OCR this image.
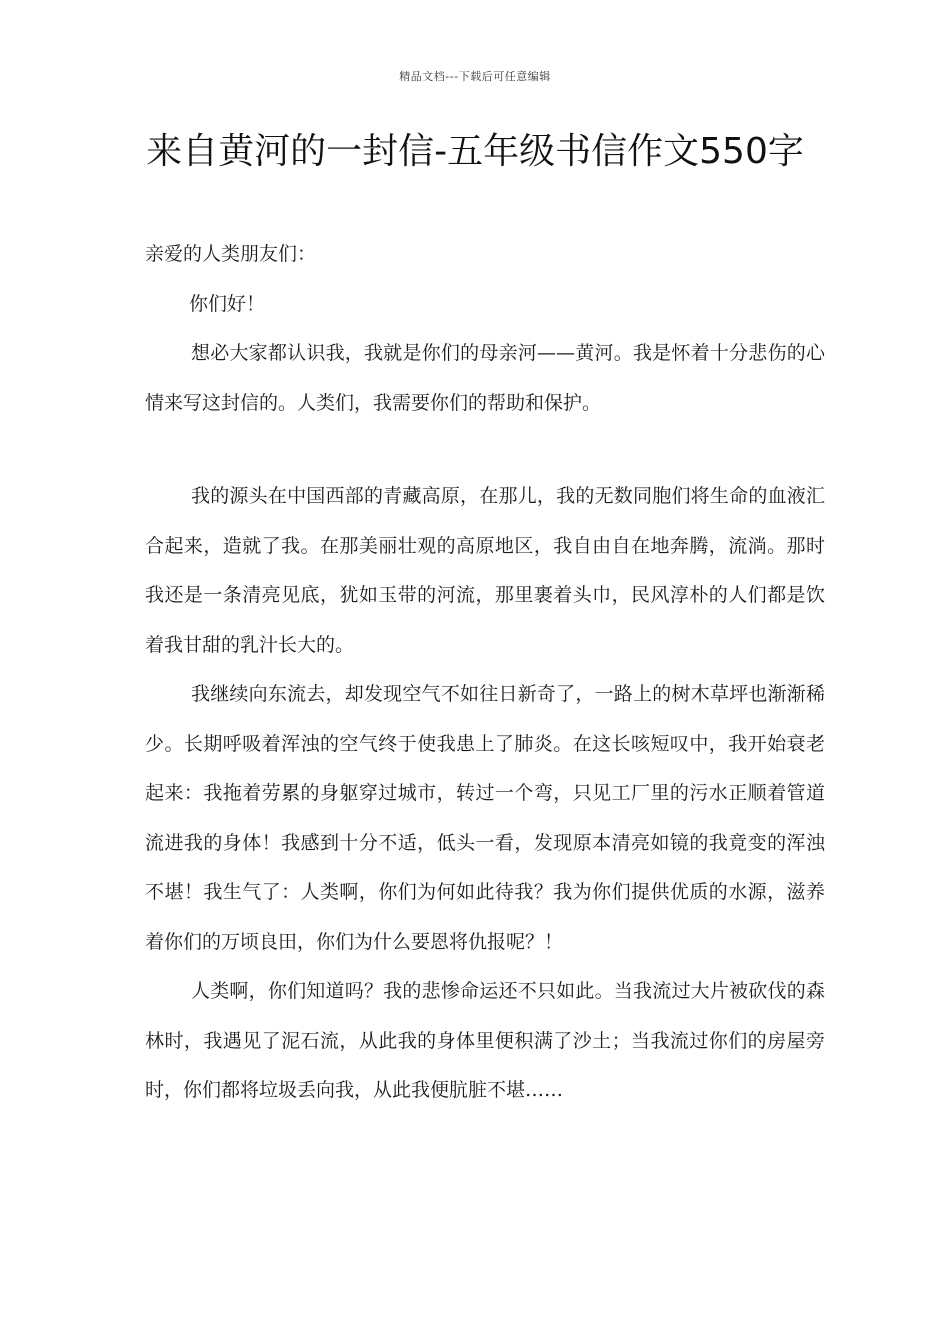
精品文档---下载后可任意编辑
来自黄河的一封信-五年级书信作文550字

亲爱的人类朋友们：

你们好！

想必大家都认识我，我就是你们的母亲河——黄河。我是怀着十分悲伤的心情来写这封信的。人类们，我需要你们的帮助和保护。

我的源头在中国西部的青藏高原，在那儿，我的无数同胞们将生命的血液汇合起来，造就了我。在那美丽壮观的高原地区，我自由自在地奔腾，流淌。那时我还是一条清亮见底，犹如玉带的河流，那里裹着头巾，民风淳朴的人们都是饮着我甘甜的乳汁长大的。

我继续向东流去，却发现空气不如往日新奇了，一路上的树木草坪也渐渐稀少。长期呼吸着浑浊的空气终于使我患上了肺炎。在这长咳短叹中，我开始衰老起来：我拖着劳累的身躯穿过城市，转过一个弯，只见工厂里的污水正顺着管道流进我的身体！我感到十分不适，低头一看，发现原本清亮如镜的我竟变的浑浊不堪！我生气了：人类啊，你们为何如此待我？我为你们提供优质的水源，滋养着你们的万顷良田，你们为什么要恩将仇报呢？！

人类啊，你们知道吗？我的悲惨命运还不只如此。当我流过大片被砍伐的森林时，我遇见了泥石流，从此我的身体里便积满了沙土；当我流过你们的房屋旁时，你们都将垃圾丢向我，从此我便肮脏不堪……
